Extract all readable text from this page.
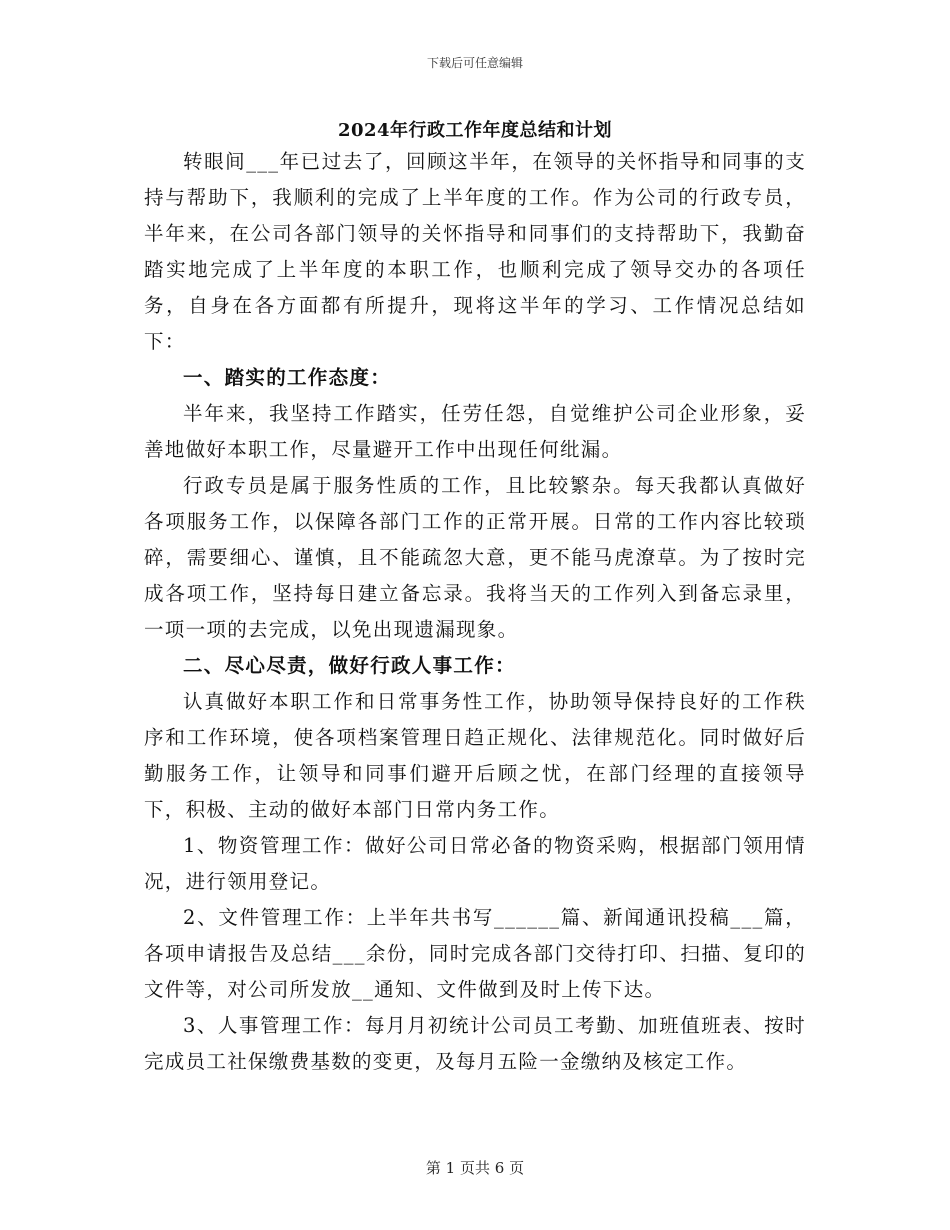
下载后可任意编辑
2024年行政工作年度总结和计划

转眼间___年已过去了，回顾这半年，在领导的关怀指导和同事的支持与帮助下，我顺利的完成了上半年度的工作。作为公司的行政专员，半年来，在公司各部门领导的关怀指导和同事们的支持帮助下，我勤奋踏实地完成了上半年度的本职工作，也顺利完成了领导交办的各项任务，自身在各方面都有所提升，现将这半年的学习、工作情况总结如下：

一、踏实的工作态度：

半年来，我坚持工作踏实，任劳任怨，自觉维护公司企业形象，妥善地做好本职工作，尽量避开工作中出现任何纰漏。

行政专员是属于服务性质的工作，且比较繁杂。每天我都认真做好各项服务工作，以保障各部门工作的正常开展。日常的工作内容比较琐碎，需要细心、谨慎，且不能疏忽大意，更不能马虎潦草。为了按时完成各项工作，坚持每日建立备忘录。我将当天的工作列入到备忘录里，一项一项的去完成，以免出现遗漏现象。

二、尽心尽责，做好行政人事工作：

认真做好本职工作和日常事务性工作，协助领导保持良好的工作秩序和工作环境，使各项档案管理日趋正规化、法律规范化。同时做好后勤服务工作，让领导和同事们避开后顾之忧，在部门经理的直接领导下，积极、主动的做好本部门日常内务工作。

1、物资管理工作：做好公司日常必备的物资采购，根据部门领用情况，进行领用登记。

2、文件管理工作：上半年共书写______篇、新闻通讯投稿___篇，各项申请报告及总结___余份，同时完成各部门交待打印、扫描、复印的文件等，对公司所发放__通知、文件做到及时上传下达。

3、人事管理工作：每月月初统计公司员工考勤、加班值班表、按时完成员工社保缴费基数的变更，及每月五险一金缴纳及核定工作。

第 1 页共 6 页
